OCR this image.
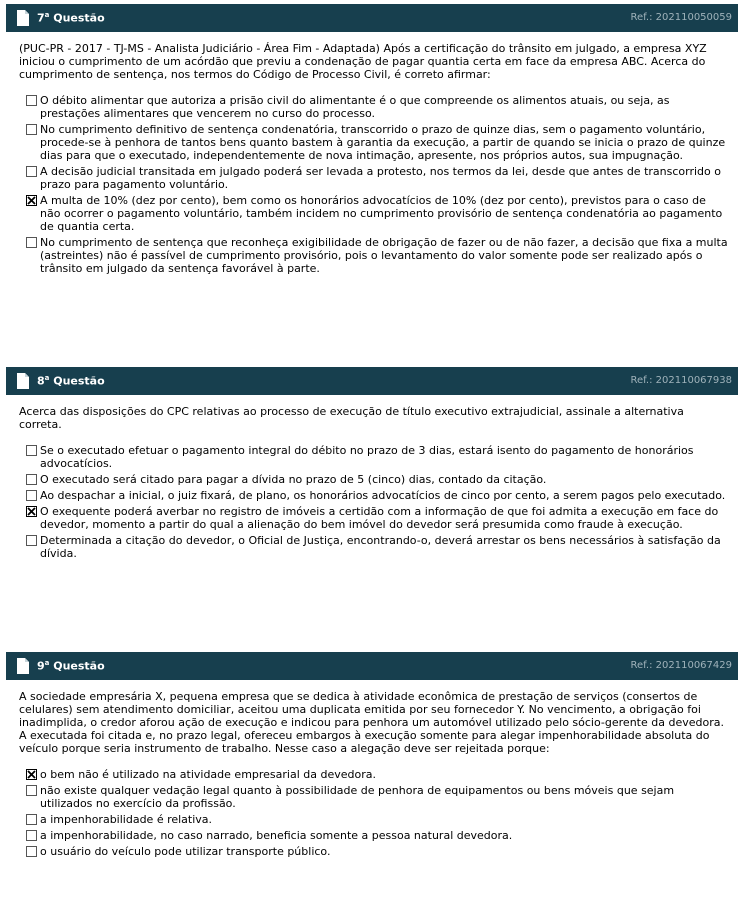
7$^a$ Questão	Ref.: 202110050059
(PUC-PR - 2017 - TJ-MS - Analista Judiciário - Área Fim - Adaptada) Após a certificação do trânsito em julgado, a empresa XYZ iniciou o cumprimento de um acórdão que previu a condenação de pagar quantia certa em face da empresa ABC. Acerca do cumprimento de sentença, nos termos do Código de Processo Civil, é correto afirmar:
O débito alimentar que autoriza a prisão civil do alimentante é o que compreende os alimentos atuais, ou seja, as prestações alimentares que vencerem no curso do processo.
No cumprimento definitivo de sentença condenatória, transcorrido o prazo de quinze dias, sem o pagamento voluntário, procede-se à penhora de tantos bens quanto bastem à garantia da execução, a partir de quando se inicia o prazo de quinze dias para que o executado, independentemente de nova intimação, apresente, nos próprios autos, sua impugnação.
A decisão judicial transitada em julgado poderá ser levada a protesto, nos termos da lei, desde que antes de transcorrido o prazo para pagamento voluntário.
A multa de 10% (dez por cento), bem como os honorários advocatícios de 10% (dez por cento), previstos para o caso de não ocorrer o pagamento voluntário, também incidem no cumprimento provisório de sentença condenatória ao pagamento de quantia certa.
No cumprimento de sentença que reconheça exigibilidade de obrigação de fazer ou de não fazer, a decisão que fixa a multa (astreintes) não é passível de cumprimento provisório, pois o levantamento do valor somente pode ser realizado após o trânsito em julgado da sentença favorável à parte.
8$^a$ Questão	Ref.: 202110067938
Acerca das disposições do CPC relativas ao processo de execução de título executivo extrajudicial, assinale a alternativa correta.
Se o executado efetuar o pagamento integral do débito no prazo de 3 dias, estará isento do pagamento de honorários advocatícios.
O executado será citado para pagar a dívida no prazo de 5 (cinco) dias, contado da citação.
Ao despachar a inicial, o juiz fixará, de plano, os honorários advocatícios de cinco por cento, a serem pagos pelo executado.
O exequente poderá averbar no registro de imóveis a certidão com a informação de que foi admita a execução em face do devedor, momento a partir do qual a alienação do bem imóvel do devedor será presumida como fraude à execução.
Determinada a citação do devedor, o Oficial de Justiça, encontrando-o, deverá arrestar os bens necessários à satisfação da dívida.
9$^a$ Questão	Ref.: 202110067429
A sociedade empresária X, pequena empresa que se dedica à atividade econômica de prestação de serviços (consertos de celulares) sem atendimento domiciliar, aceitou uma duplicata emitida por seu fornecedor Y. No vencimento, a obrigação foi inadimplida, o credor aforou ação de execução e indicou para penhora um automóvel utilizado pelo sócio-gerente da devedora. A executada foi citada e, no prazo legal, ofereceu embargos à execução somente para alegar impenhorabilidade absoluta do veículo porque seria instrumento de trabalho. Nesse caso a alegação deve ser rejeitada porque:
o bem não é utilizado na atividade empresarial da devedora.
não existe qualquer vedação legal quanto à possibilidade de penhora de equipamentos ou bens móveis que sejam utilizados no exercício da profissão.
a impenhorabilidade é relativa.
a impenhorabilidade, no caso narrado, beneficia somente a pessoa natural devedora.
o usuário do veículo pode utilizar transporte público.
